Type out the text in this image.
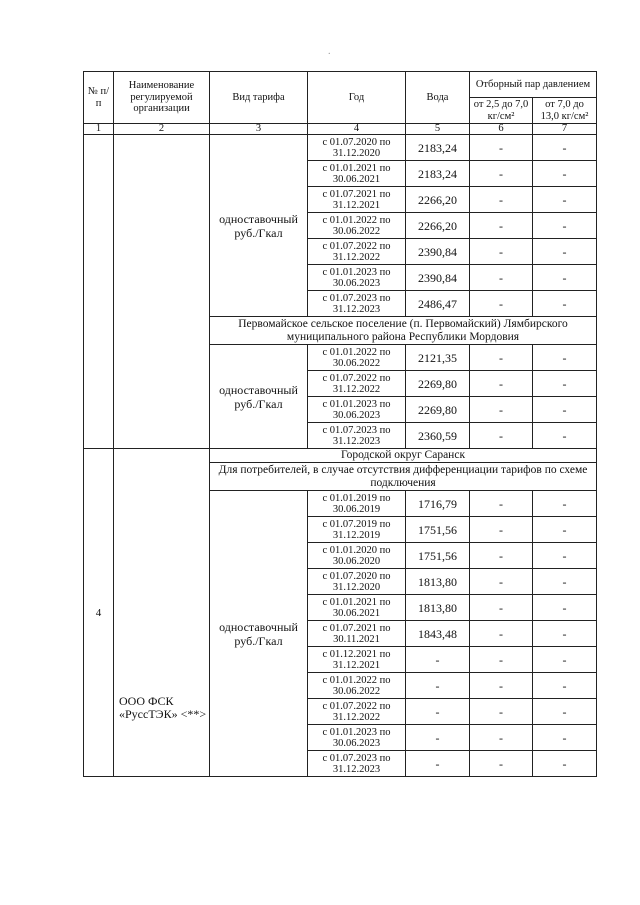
№ п/п	Наименование регулируемой организации	Вид тарифа	Год	Вода	Отборный пар давлением	
					от 2,5 до 7,0 кг/см²	от 7,0 до 13,0 кг/см²
1	2	3	4	5	6	7
		одноставочный руб./Гкал	с 01.07.2020 по 31.12.2020	2183,24	-	-
			с 01.01.2021 по 30.06.2021	2183,24	-	-
			с 01.07.2021 по 31.12.2021	2266,20	-	-
			с 01.01.2022 по 30.06.2022	2266,20	-	-
			с 01.07.2022 по 31.12.2022	2390,84	-	-
			с 01.01.2023 по 30.06.2023	2390,84	-	-
			с 01.07.2023 по 31.12.2023	2486,47	-	-
		Первомайское сельское поселение (п. Первомайский) Лямбирского муниципального района Республики Мордовия				
		одноставочный руб./Гкал	с 01.01.2022 по 30.06.2022	2121,35	-	-
			с 01.07.2022 по 31.12.2022	2269,80	-	-
			с 01.01.2023 по 30.06.2023	2269,80	-	-
			с 01.07.2023 по 31.12.2023	2360,59	-	-
4	ООО ФСК «РуссТЭК» <**>	Городской округ Саранск				
		Для потребителей, в случае отсутствия дифференциации тарифов по схеме подключения				
		одноставочный руб./Гкал	с 01.01.2019 по 30.06.2019	1716,79	-	-
			с 01.07.2019 по 31.12.2019	1751,56	-	-
			с 01.01.2020 по 30.06.2020	1751,56	-	-
			с 01.07.2020 по 31.12.2020	1813,80	-	-
			с 01.01.2021 по 30.06.2021	1813,80	-	-
			с 01.07.2021 по 30.11.2021	1843,48	-	-
			с 01.12.2021 по 31.12.2021	-	-	-
			с 01.01.2022 по 30.06.2022	-	-	-
			с 01.07.2022 по 31.12.2022	-	-	-
			с 01.01.2023 по 30.06.2023	-	-	-
			с 01.07.2023 по 31.12.2023	-	-	-
.
